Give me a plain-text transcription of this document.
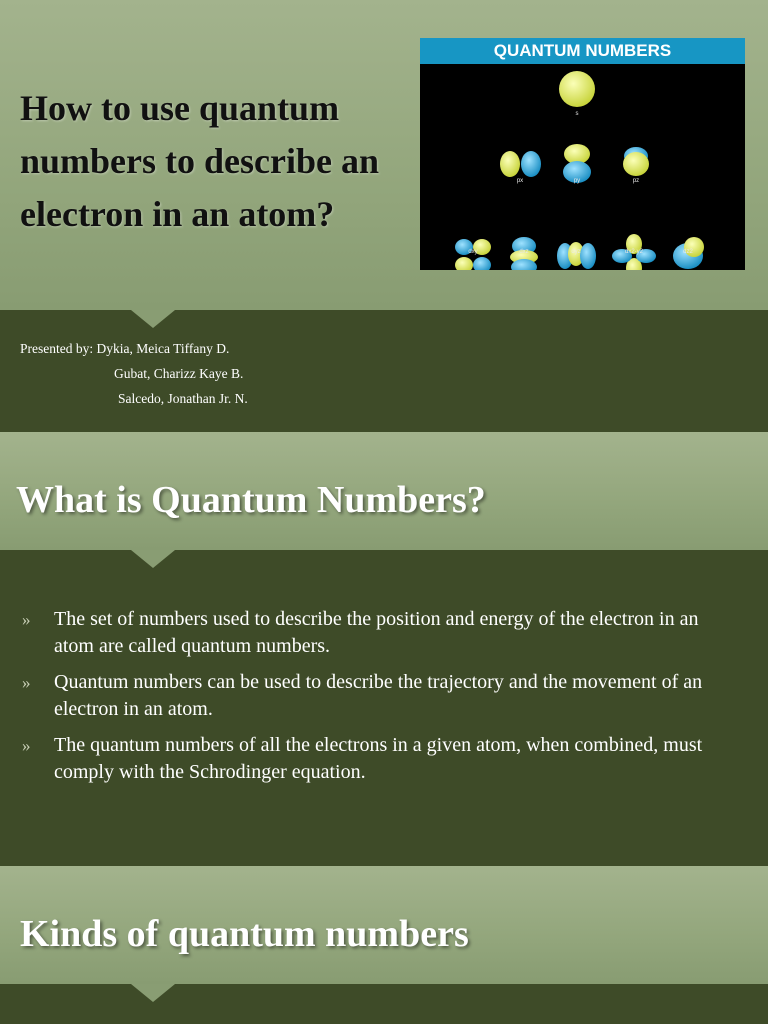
How to use quantum numbers to describe an electron in an atom?
QUANTUM NUMBERS
s
px	py	pz
dxy	dxz	dyz	dx2-y2	dz2

Presented by: Dykia, Meica Tiffany D.

Gubat, Charizz Kaye B.

Salcedo, Jonathan Jr. N.

What is Quantum Numbers?
» The set of numbers used to describe the position and energy of the electron in an atom are called quantum numbers.
» Quantum numbers can be used to describe the trajectory and the movement of an electron in an atom.
» The quantum numbers of all the electrons in a given atom, when combined, must comply with the Schrodinger equation.
Kinds of quantum numbers
